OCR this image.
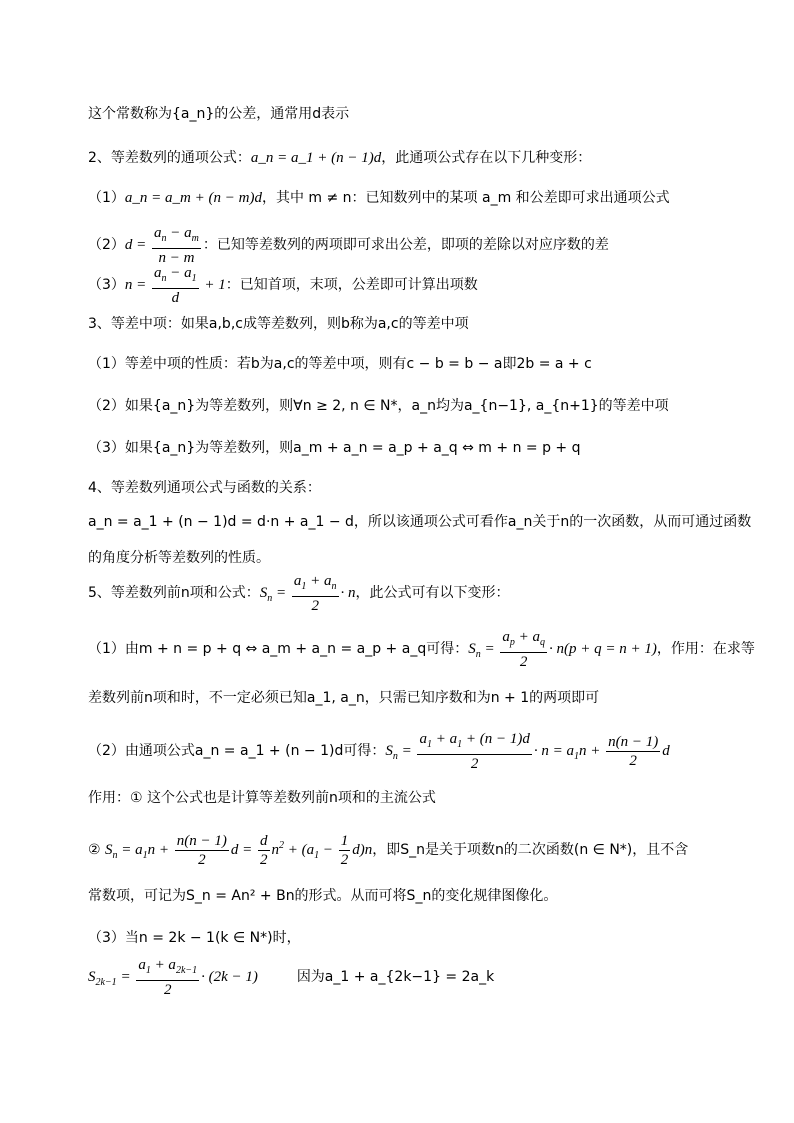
这个常数称为{a_n}的公差，通常用d表示
2、等差数列的通项公式：a_n = a_1 + (n − 1)d，此通项公式存在以下几种变形：
（1）a_n = a_m + (n − m)d，其中 m ≠ n：已知数列中的某项 a_m 和公差即可求出通项公式
$(2)d = \frac{a_n - a_m}{n - m}$ ：已知等差数列的两项即可求出公差，即项的差除以对应序数的差
$(3)n = \frac{a_n - a_1}{d} + 1$：已知首项，末项，公差即可计算出项数
3、等差中项：如果a,b,c成等差数列，则b称为a,c的等差中项
（1）等差中项的性质：若b为a,c的等差中项，则有c − b = b − a即2b = a + c
（2）如果{a_n}为等差数列，则∀n ≥ 2, n ∈ N*，a_n均为a_{n−1}, a_{n+1}的等差中项
（3）如果{a_n}为等差数列，则a_m + a_n = a_p + a_q ⇔ m + n = p + q
4、等差数列通项公式与函数的关系：
a_n = a_1 + (n − 1)d = d·n + a_1 − d，所以该通项公式可看作a_n关于n的一次函数，从而可通过函数
的角度分析等差数列的性质。
5、等差数列前n项和公式：$S_n = \frac{a_1 + a_n}{2} \cdot n$，此公式可有以下变形：
（1）由m + n = p + q ⇔ a_m + a_n = a_p + a_q可得：$S_n = \frac{a_p + a_q}{2} \cdot n(p + q = n + 1)$，作用：在求等
差数列前n项和时，不一定必须已知a_1, a_n，只需已知序数和为n + 1的两项即可
（2）由通项公式a_n = a_1 + (n − 1)d可得：$S_n = \frac{a_1 + a_1 + (n - 1)d}{2} \cdot n = a_1n + \frac{n(n - 1)}{2}$ d
作用：① 这个公式也是计算等差数列前n项和的主流公式
② $S_n = a_1n + \frac{n(n - 1)}{2}$ $d = \frac{d}{2} n^2 + (a_1 - \frac{1}{2} d)n$，即S_n是关于项数n的二次函数(n ∈ N*)，且不含
常数项，可记为S_n = An² + Bn的形式。从而可将S_n的变化规律图像化。
（3）当n = 2k − 1(k ∈ N*)时，
$S_{2k-1} = \frac{a_1 + a_{2k-1}}{2} \cdot (2k - 1)$	因为a_1 + a_{2k−1} = 2a_k
